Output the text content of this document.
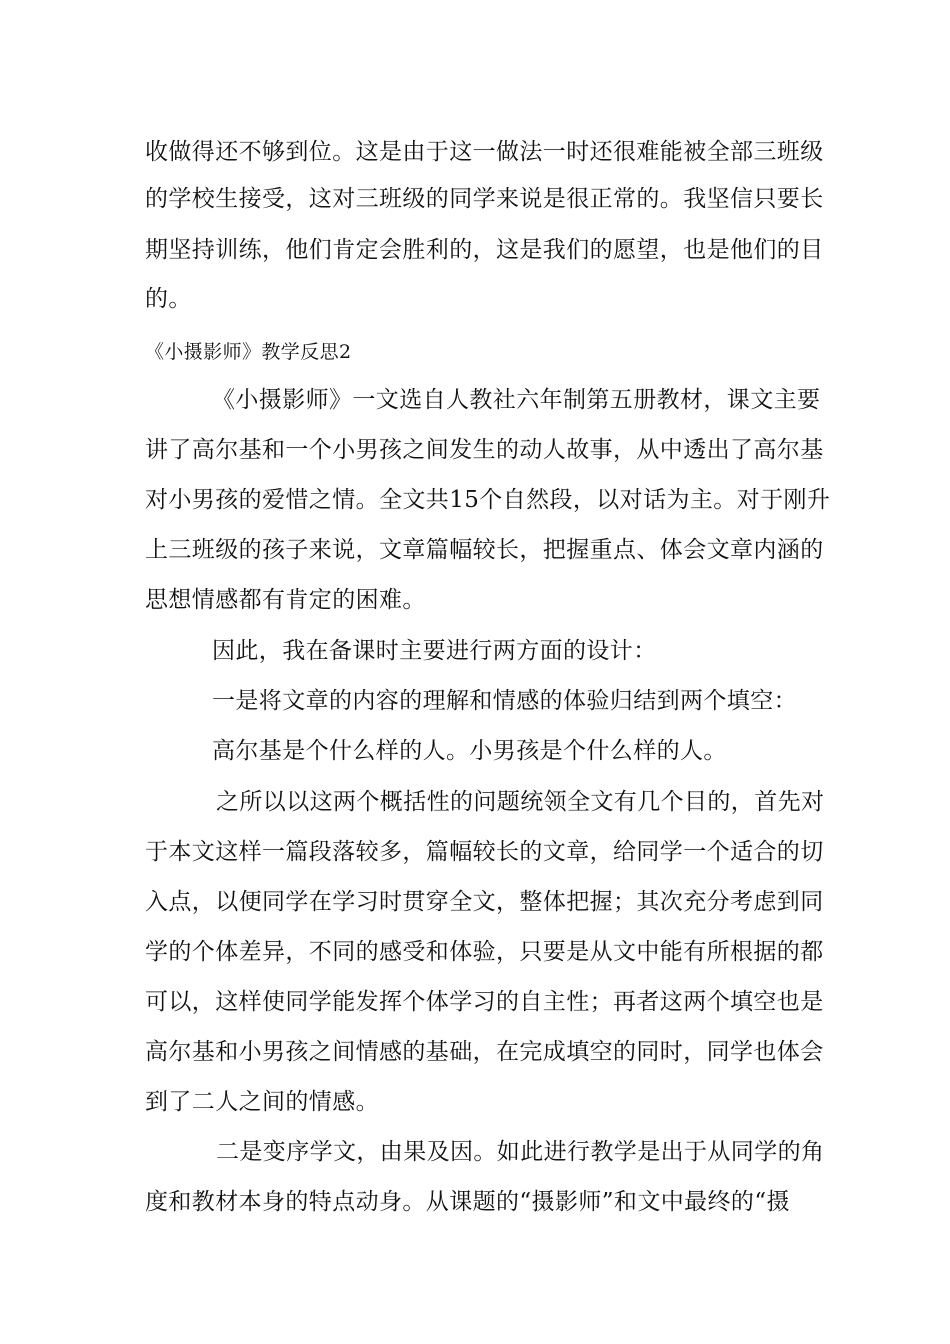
收做得还不够到位。这是由于这一做法一时还很难能被全部三班级
的学校生接受，这对三班级的同学来说是很正常的。我坚信只要长
期坚持训练，他们肯定会胜利的，这是我们的愿望，也是他们的目
的。
《小摄影师》教学反思2
《小摄影师》一文选自人教社六年制第五册教材，课文主要
讲了高尔基和一个小男孩之间发生的动人故事，从中透出了高尔基
对小男孩的爱惜之情。全文共15个自然段，以对话为主。对于刚升
上三班级的孩子来说，文章篇幅较长，把握重点、体会文章内涵的
思想情感都有肯定的困难。
因此，我在备课时主要进行两方面的设计：
一是将文章的内容的理解和情感的体验归结到两个填空：
高尔基是个什么样的人。小男孩是个什么样的人。
之所以以这两个概括性的问题统领全文有几个目的，首先对
于本文这样一篇段落较多，篇幅较长的文章，给同学一个适合的切
入点，以便同学在学习时贯穿全文，整体把握；其次充分考虑到同
学的个体差异，不同的感受和体验，只要是从文中能有所根据的都
可以，这样使同学能发挥个体学习的自主性；再者这两个填空也是
高尔基和小男孩之间情感的基础，在完成填空的同时，同学也体会
到了二人之间的情感。
二是变序学文，由果及因。如此进行教学是出于从同学的角
度和教材本身的特点动身。从课题的“摄影师”和文中最终的“摄
